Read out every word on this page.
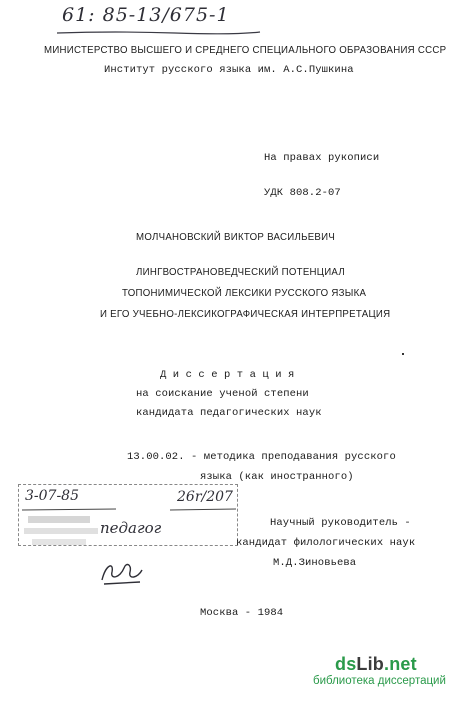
61: 85-13/675-1
МИНИСТЕРСТВО ВЫСШЕГО И СРЕДНЕГО СПЕЦИАЛЬНОГО ОБРАЗОВАНИЯ СССР
Институт русского языка им. А.С.Пушкина
На правах рукописи
УДК 808.2-07
МОЛЧАНОВСКИЙ ВИКТОР ВАСИЛЬЕВИЧ
ЛИНГВОСТРАНОВЕДЧЕСКИЙ ПОТЕНЦИАЛ
ТОПОНИМИЧЕСКОЙ ЛЕКСИКИ РУССКОГО ЯЗЫКА
И ЕГО УЧЕБНО-ЛЕКСИКОГРАФИЧЕСКАЯ ИНТЕРПРЕТАЦИЯ
Д и с с е р т а ц и я
на соискание ученой степени
кандидата педагогических наук
13.00.02. - методика преподавания русского
языка (как иностранного)
3-07-85	26r/207
педагог	Научный руководитель -
кандидат филологических наук
М.Д.Зиновьева
Москва - 1984
dsLib.net
библиотека диссертаций
